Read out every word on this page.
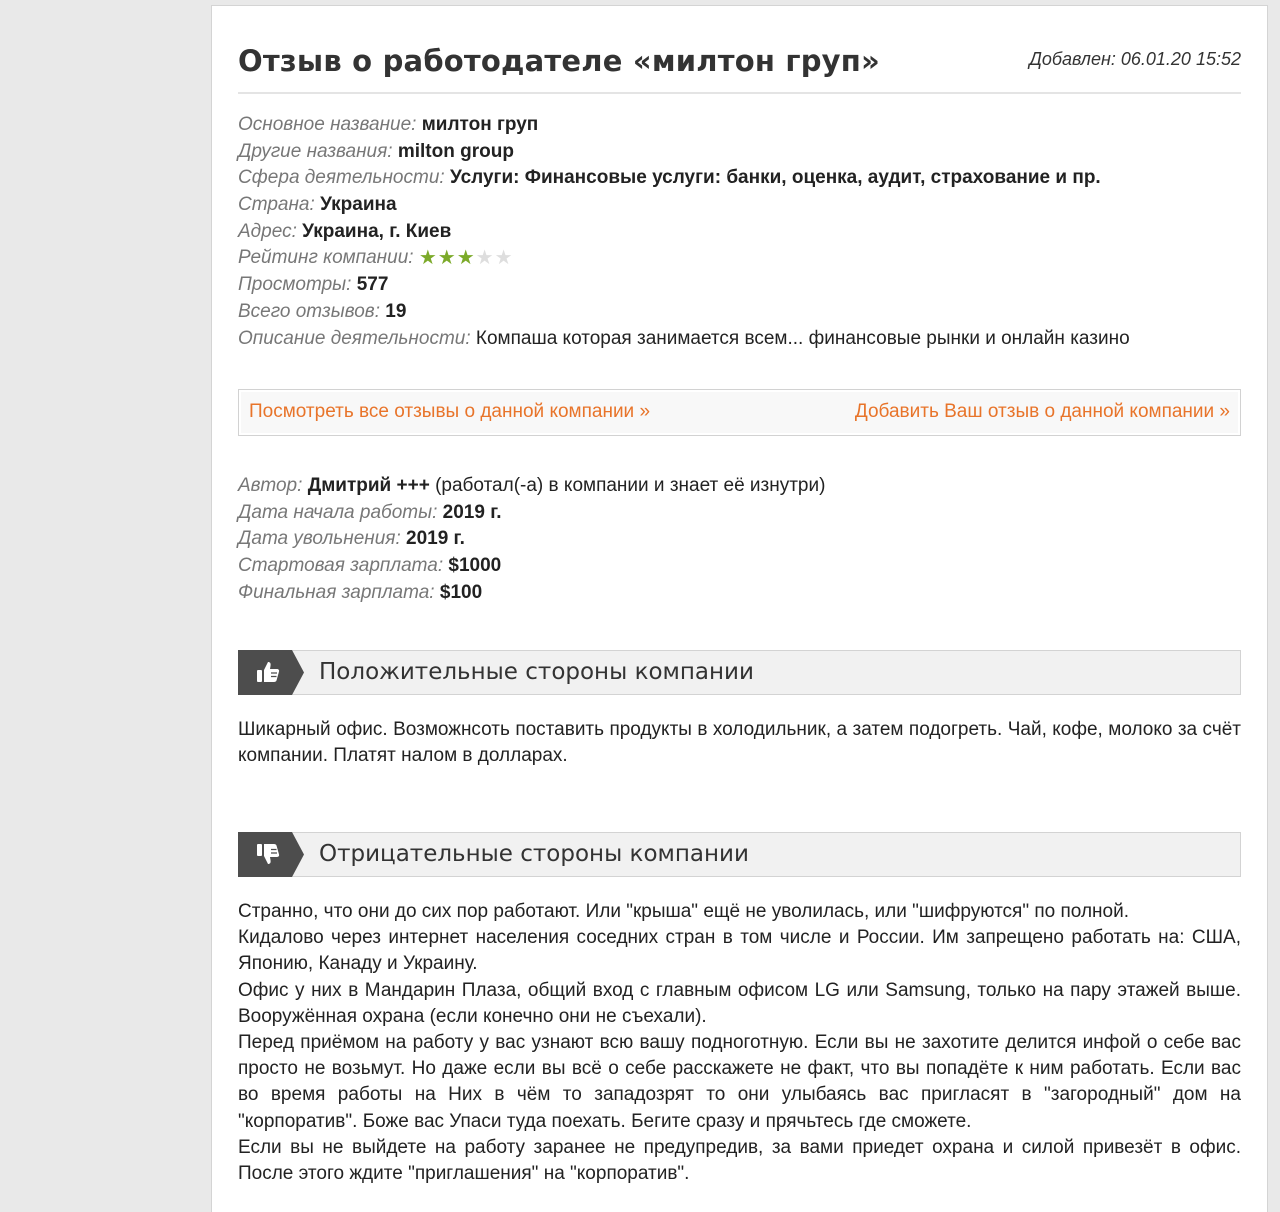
Отзыв о работодателе «милтон груп»	Добавлен: 06.01.20 15:52
Основное название: милтон груп
Другие названия: milton group
Сфера деятельности: Услуги: Финансовые услуги: банки, оценка, аудит, страхование и пр.
Страна: Украина
Адрес: Украина, г. Киев
Рейтинг компании: ★★★★★
Просмотры: 577
Всего отзывов: 19
Описание деятельности: Компаша которая занимается всем... финансовые рынки и онлайн казино
Посмотреть все отзывы о данной компании »	Добавить Ваш отзыв о данной компании »
Автор: Дмитрий +++ (работал(-а) в компании и знает её изнутри)
Дата начала работы: 2019 г.
Дата увольнения: 2019 г.
Стартовая зарплата: $1000
Финальная зарплата: $100
Положительные стороны компании
Шикарный офис. Возможнсоть поставить продукты в холодильник, а затем подогреть. Чай, кофе, молоко за счёт компании. Платят налом в долларах.
Отрицательные стороны компании

Странно, что они до сих пор работают. Или "крыша" ещё не уволилась, или "шифруются" по полной.

Кидалово через интернет населения соседних стран в том числе и России. Им запрещено работать на: США, Японию, Канаду и Украину.

Офис у них в Мандарин Плаза, общий вход с главным офисом LG или Samsung, только на пару этажей выше. Вооружённая охрана (если конечно они не съехали).

Перед приёмом на работу у вас узнают всю вашу подноготную. Если вы не захотите делится инфой о себе вас просто не возьмут. Но даже если вы всё о себе расскажете не факт, что вы попадёте к ним работать. Если вас во время работы на Них в чём то западозрят то они улыбаясь вас пригласят в "загородный" дом на "корпоратив". Боже вас Упаси туда поехать. Бегите сразу и прячьтесь где сможете.

Если вы не выйдете на работу заранее не предупредив, за вами приедет охрана и силой привезёт в офис. После этого ждите "приглашения" на "корпоратив".
